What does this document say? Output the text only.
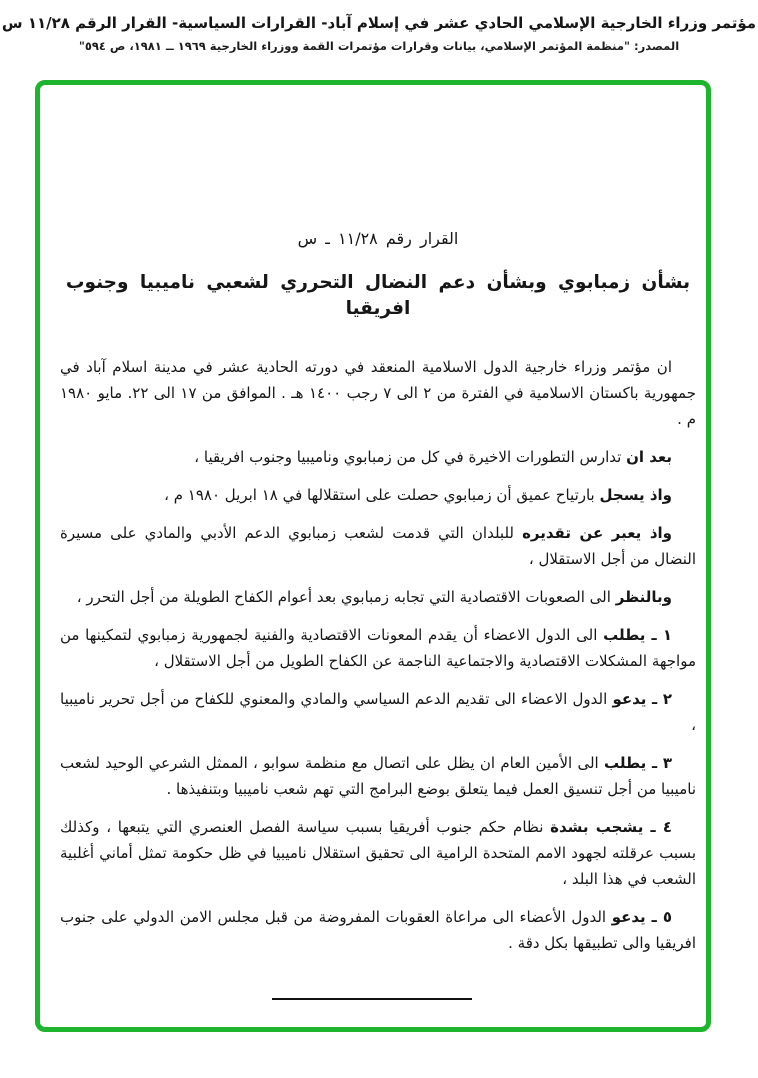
مؤتمر وزراء الخارجية الإسلامي الحادي عشر في إسلام آباد- القرارات السياسية- القرار الرقم ١١/٢٨ س
المصدر: "منظمة المؤتمر الإسلامي، بيانات وقرارات مؤتمرات القمة ووزراء الخارجية ١٩٦٩ ــ ١٩٨١، ص ٥٩٤"
القرار رقم ١١/٢٨ ـ س
بشأن زمبابوي وبشأن دعم النضال التحرري لشعبي ناميبيا وجنوب افريقيا

ان مؤتمر وزراء خارجية الدول الاسلامية المنعقد في دورته الحادية عشر في مدينة اسلام آباد في جمهورية باكستان الاسلامية في الفترة من ٢ الى ٧ رجب ١٤٠٠ هـ . الموافق من ١٧ الى ٢٢. مايو ١٩٨٠ م .

بعد ان تدارس التطورات الاخيرة في كل من زمبابوي وناميبيا وجنوب افريقيا ،

واذ يسجل بارتياح عميق أن زمبابوي حصلت على استقلالها في ١٨ ابريل ١٩٨٠ م ،

واذ يعبر عن تقديره للبلدان التي قدمت لشعب زمبابوي الدعم الأدبي والمادي على مسيرة النضال من أجل الاستقلال ،

وبالنظر الى الصعوبات الاقتصادية التي تجابه زمبابوي بعد أعوام الكفاح الطويلة من أجل التحرر ،

١ ـ يطلب الى الدول الاعضاء أن يقدم المعونات الاقتصادية والفنية لجمهورية زمبابوي لتمكينها من مواجهة المشكلات الاقتصادية والاجتماعية الناجمة عن الكفاح الطويل من أجل الاستقلال ،

٢ ـ يدعو الدول الاعضاء الى تقديم الدعم السياسي والمادي والمعنوي للكفاح من أجل تحرير ناميبيا ،

٣ ـ يطلب الى الأمين العام ان يظل على اتصال مع منظمة سوابو ، الممثل الشرعي الوحيد لشعب ناميبيا من أجل تنسيق العمل فيما يتعلق بوضع البرامج التي تهم شعب ناميبيا وبتنفيذها .

٤ ـ يشجب بشدة نظام حكم جنوب أفريقيا بسبب سياسة الفصل العنصري التي يتبعها ، وكذلك بسبب عرقلته لجهود الامم المتحدة الرامية الى تحقيق استقلال ناميبيا في ظل حكومة تمثل أماني أغلبية الشعب في هذا البلد ،

٥ ـ يدعو الدول الأعضاء الى مراعاة العقوبات المفروضة من قبل مجلس الامن الدولي على جنوب افريقيا والى تطبيقها بكل دقة .
